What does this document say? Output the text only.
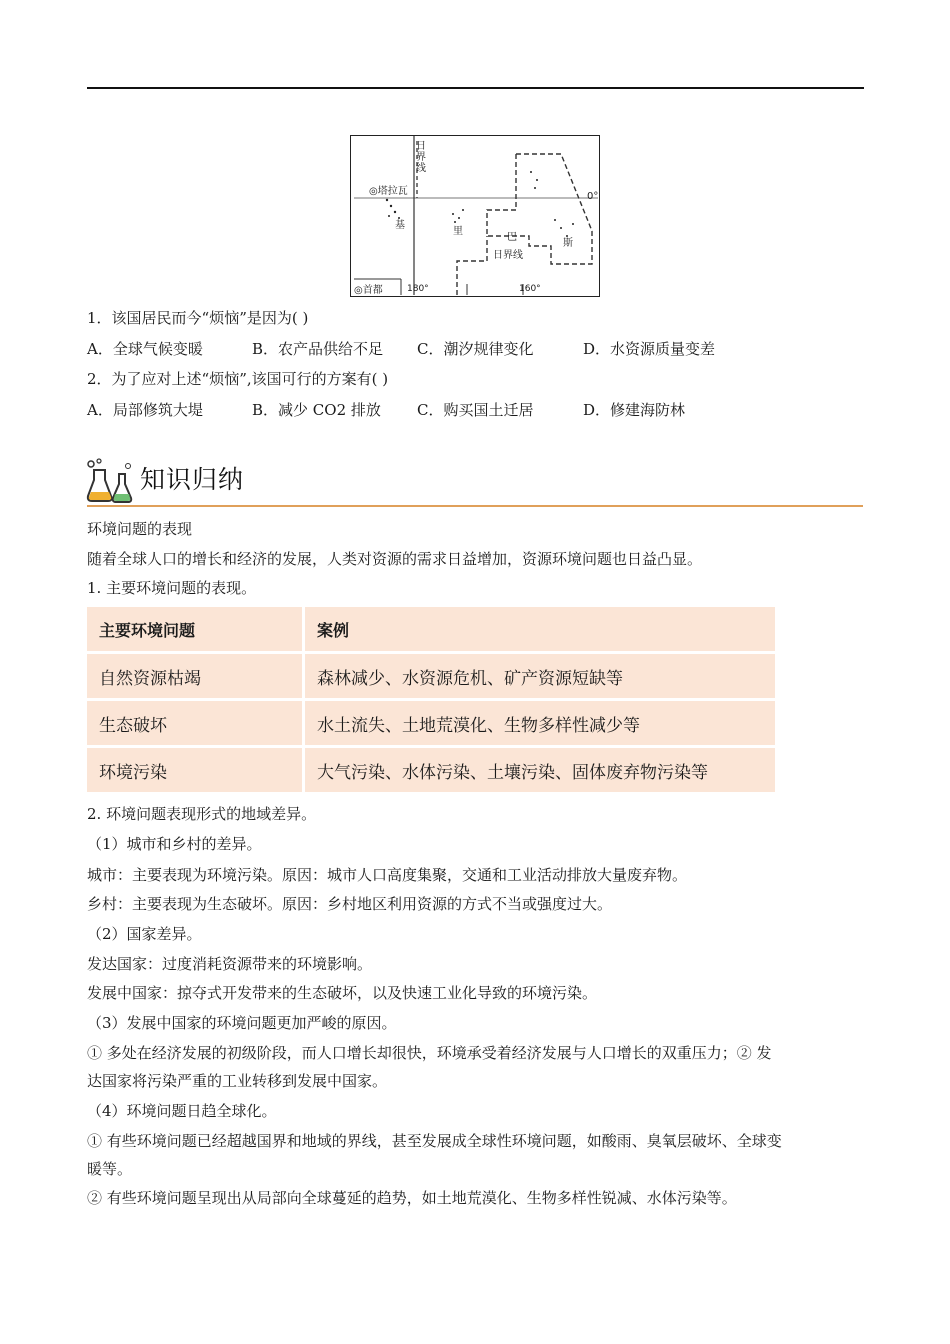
日界线
◎塔拉瓦	0°
基
里
巴
斯
日界线
◎首都	180°	160°
1．该国居民而今“烦恼”是因为( )
A．全球气候变暖	B．农产品供给不足 C．潮汐规律变化	D．水资源质量变差
2．为了应对上述“烦恼”,该国可行的方案有( )
A．局部修筑大堤	B．减少 CO2 排放 C．购买国土迁居	D．修建海防林
知识归纳
环境问题的表现
随着全球人口的增长和经济的发展，人类对资源的需求日益增加，资源环境问题也日益凸显。
1. 主要环境问题的表现。
主要环境问题	案例
自然资源枯竭	森林减少、水资源危机、矿产资源短缺等
生态破坏	水土流失、土地荒漠化、生物多样性减少等
环境污染	大气污染、水体污染、土壤污染、固体废弃物污染等
2. 环境问题表现形式的地域差异。
（1）城市和乡村的差异。
城市：主要表现为环境污染。原因：城市人口高度集聚，交通和工业活动排放大量废弃物。
乡村：主要表现为生态破坏。原因：乡村地区利用资源的方式不当或强度过大。
（2）国家差异。
发达国家：过度消耗资源带来的环境影响。
发展中国家：掠夺式开发带来的生态破坏，以及快速工业化导致的环境污染。
（3）发展中国家的环境问题更加严峻的原因。
① 多处在经济发展的初级阶段，而人口增长却很快，环境承受着经济发展与人口增长的双重压力；② 发
达国家将污染严重的工业转移到发展中国家。
（4）环境问题日趋全球化。
① 有些环境问题已经超越国界和地域的界线，甚至发展成全球性环境问题，如酸雨、臭氧层破坏、全球变
暖等。
② 有些环境问题呈现出从局部向全球蔓延的趋势，如土地荒漠化、生物多样性锐减、水体污染等。
